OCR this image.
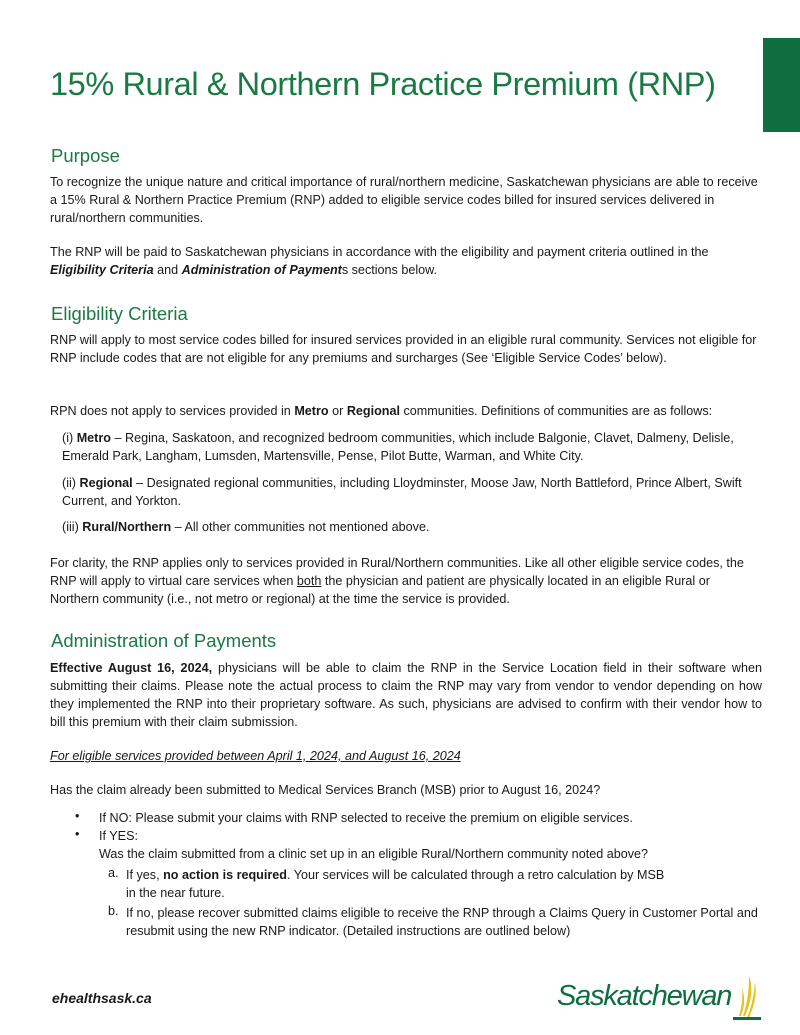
15% Rural & Northern Practice Premium (RNP)
Purpose

To recognize the unique nature and critical importance of rural/northern medicine, Saskatchewan physicians are able to receive a 15% Rural & Northern Practice Premium (RNP) added to eligible service codes billed for insured services delivered in rural/northern communities.

The RNP will be paid to Saskatchewan physicians in accordance with the eligibility and payment criteria outlined in the Eligibility Criteria and Administration of Payments sections below.

Eligibility Criteria

RNP will apply to most service codes billed for insured services provided in an eligible rural community. Services not eligible for RNP include codes that are not eligible for any premiums and surcharges (See ‘Eligible Service Codes’ below).

RPN does not apply to services provided in Metro or Regional communities. Definitions of communities are as follows:

(i) Metro – Regina, Saskatoon, and recognized bedroom communities, which include Balgonie, Clavet, Dalmeny, Delisle, Emerald Park, Langham, Lumsden, Martensville, Pense, Pilot Butte, Warman, and White City.

(ii) Regional – Designated regional communities, including Lloydminster, Moose Jaw, North Battleford, Prince Albert, Swift Current, and Yorkton.

(iii) Rural/Northern – All other communities not mentioned above.

For clarity, the RNP applies only to services provided in Rural/Northern communities. Like all other eligible service codes, the RNP will apply to virtual care services when both the physician and patient are physically located in an eligible Rural or Northern community (i.e., not metro or regional) at the time the service is provided.

Administration of Payments

Effective August 16, 2024, physicians will be able to claim the RNP in the Service Location field in their software when submitting their claims. Please note the actual process to claim the RNP may vary from vendor to vendor depending on how they implemented the RNP into their proprietary software. As such, physicians are advised to confirm with their vendor how to bill this premium with their claim submission.

For eligible services provided between April 1, 2024, and August 16, 2024

Has the claim already been submitted to Medical Services Branch (MSB) prior to August 16, 2024?

• If NO: Please submit your claims with RNP selected to receive the premium on eligible services.

• If YES:
Was the claim submitted from a clinic set up in an eligible Rural/Northern community noted above?

a. If yes, no action is required. Your services will be calculated through a retro calculation by MSB in the near future.

b. If no, please recover submitted claims eligible to receive the RNP through a Claims Query in Customer Portal and resubmit using the new RNP indicator. (Detailed instructions are outlined below)

ehealthsask.ca	Saskatchewan
